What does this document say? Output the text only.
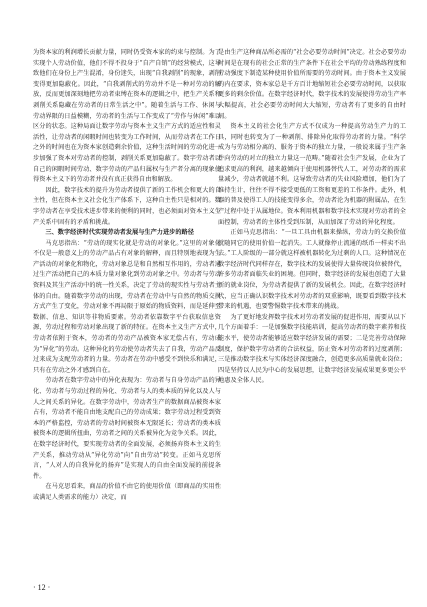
为资本家的利润增长贡献力量，同时仍受资本家的约束与控制。为了实现个人劳动价值，他们不得不投身于“自产自销”的经营模式，这导致他们在身份上产生混淆，身份迷失，出现“自我剥削”的现象，剥削变得更加隐蔽化。因此，“自我剥削式的劳动并不是一种对劳动的解放，反而更加深刻地把劳动者束缚在资本的逻辑之中，把生产关系和剥削关系隐藏在劳动者的日常生活之中”。随着生活与工作、休闲与劳动界限的日益模糊，劳动者的生活与工作变成了“劳作与休闲”难以区分的状态。这种局面让数字劳动与资本主义生产方式的适应性和灵活性，让劳动者的闲暇时间也转变为工作时间，从而劳动者在工作日之外的时间也在为资本家创造剩余价值，这种生活时间的劳动化进一步加强了资本对劳动者的控制，剥削关系更加隐蔽了。数字劳动者以自己的闲暇时间劳动、数字劳动的产品归属权与生产者分离的现象使得资本主义下的劳动者并没有真正获得自由和解放。

因此，数字技术的提升为劳动者提供了新的工作机会和更大的自主性，但在资本主义社会化生产体系下，这种自主性只是相对的。数字劳动者在享受技术进步带来的便利的同时，也必须面对资本主义生产关系中固有的矛盾和挑战。

三、数字经济时代实现劳动者发展与生产力进步的路径

马克思指出：“劳动的现实化就是劳动的对象化。”这里的对象化不仅是一般意义上的劳动产品占有对象的解释，而且特别地表现为生产活动的对象化和物化，劳动对象总是和自然相互作用的，劳动者通过生产活动把自己的本质力量对象化到劳动对象之中。劳动者与劳动资料及其生产活动中的统一性关系，决定了劳动的现实性与劳动者主体的自由。随着数字劳动的出现，劳动者在劳动中与自然的物质交换方式产生了变化，劳动对象不再局限于原始的物质资料，而是延伸至数据、信息、知识等非物质要素。劳动者依靠数字平台获取信息资源，劳动过程和劳动对象出现了新的特征。在资本主义生产方式中，劳动者依附于资本，劳动者的劳动产品被资本家无偿占有，劳动成为“异化”的劳动。这种异化的劳动使劳动者失去了自我，劳动产品反过来成为支配劳动者的力量。劳动者在劳动中感受不到快乐和满足，只有在劳动之外才感到自在。

劳动者在数字劳动中的异化表现为：劳动者与自身劳动产品的异化、劳动者与劳动过程的异化、劳动者与人的类本质的异化以及人与人之间关系的异化。在数字劳动中，劳动者生产的数据商品被资本家占有，劳动者不能自由地支配自己的劳动成果；数字劳动过程受到资本的严格监控，劳动者的劳动时间被资本无限延长；劳动者的类本质被资本的逻辑所扭曲，劳动者之间的关系被异化为竞争关系。因此，在数字经济时代，要实现劳动者的全面发展，必须扬弃资本主义的生产关系，推动劳动从“异化劳动”向“自由劳动”转变。正如马克思所言，“人对人的自我异化的扬弃”是实现人的自由全面发展的前提条件。

在马克思看来，商品的价值不由它的使用价值（即商品的实用性或满足人类需求的能力）决定，而

是由生产这种商品所必需的“社会必要劳动时间”决定。社会必要劳动时间是在现有的社会正常的生产条件下在社会平均的劳动熟练程度和劳动强度下制造某种使用价值所需要的劳动时间。由于资本主义发展的内在要求，资本家总是千方百计地缩短社会必要劳动时间，以获取更多的剩余价值。在数字经济时代，数字技术的发展使得劳动生产率大幅提高，社会必要劳动时间大大缩短，劳动者有了更多的自由时间。

资本主义的社会化生产方式不仅成为一种提高劳动生产力的工具，同时也转变为了一种剥削、排除异化取得劳动者的力量。“科学成为与劳动相分离的、服务于资本的独立力量，一般说来属于生产条件向劳动的对立的独立力量这一范畴。”随着社会生产发展，企业为了追求更高的利润，越来越倾向于使用机器替代人工，对劳动者的需求量减少，劳动者就越不利。这导致劳动者的失业风险增加，他们为了维持生计，往往不得不接受更低的工资和更差的工作条件。此外，机器的普及使得工人的技能变得多余，劳动者沦为机器的附属品，在生产过程中处于从属地位。资本利用机器和数字技术实现对劳动者的全面控制，劳动者的主体性受到压制，从而加深了劳动的异化程度。

正如马克思指出：“一旦工具由机器来操纵，劳动力的交换价值就随同它的使用价值一起消失。工人就像停止流通的纸币一样卖不出去。”工人阶级的一部分就这样被机器转化为过剩的人口。这种情况在数字经济时代同样存在，数字技术的发展使得大量传统岗位被替代，许多劳动者面临失业的困境。但同时，数字经济的发展也创造了大量新的就业岗位，为劳动者提供了新的发展机会。因此，在数字经济时代，应当正确认识数字技术对劳动者的双重影响，既要看到数字技术带来的机遇，也要警惕数字技术带来的挑战。

为了更好地发挥数字技术对劳动者发展的促进作用，需要从以下几个方面着手：一是加强数字技能培训，提高劳动者的数字素养和技能水平，使劳动者能够适应数字经济发展的需要；二是完善劳动保障制度，保护数字劳动者的合法权益，防止资本对劳动者的过度剥削；三是推动数字技术与实体经济深度融合，创造更多高质量就业岗位；四是坚持以人民为中心的发展思想，让数字经济发展成果更多更公平地惠及全体人民。

· 12 ·
